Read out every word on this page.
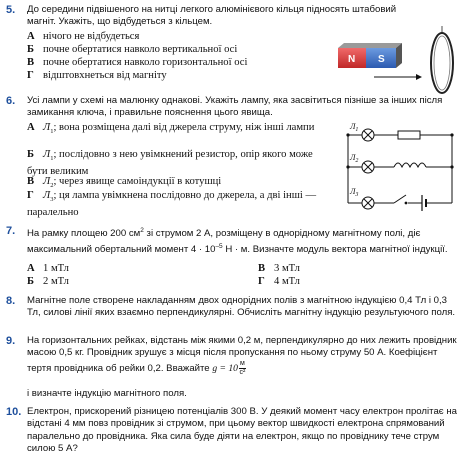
5. До середини підвішеного на нитці легкого алюмінієвого кільця підносять штабовий магніт. Укажіть, що відбудеться з кільцем.
А нічого не відбудеться
Б почне обертатися навколо вертикальної осі
В почне обертатися навколо горизонтальної осі
Г відштовхнеться від магніту
N S
6. Усі лампи у схемі на малюнку однакові. Укажіть лампу, яка засвітиться пізніше за інших після замикання ключа, і правильне пояснення цього явища.
А $Л_1$; вона розміщена далі від джерела струму, ніж інші лампи
Б $Л_1$; послідовно з нею увімкнений резистор, опір якого може бути великим
В $Л_2$; через явище самоіндукції в котушці
Г $Л_3$; ця лампа увімкнена послідовно до джерела, а дві інші — паралельно
$Л_1$
$Л_2$
$Л_3$
7. На рамку площею 200 $см^2$ зі струмом 2 А, розміщену в однорідному магнітному полі, діє максимальний обертальний момент $4 \cdot 10^{-5}$ Н · м. Визначте модуль вектора магнітної індукції.
А 1 мТл
Б 2 мТл
В 3 мТл
Г 4 мТл
8. Магнітне поле створене накладанням двох однорідних полів з магнітною індукцією 0,4 Тл і 0,3 Тл, силові лінії яких взаємно перпендикулярні. Обчисліть магнітну індукцію результуючого поля.
9. На горизонтальних рейках, відстань між якими 0,2 м, перпендикулярно до них лежить провідник масою 0,5 кг. Провідник зрушує з місця після пропускання по ньому струму 50 А. Коефіцієнт тертя провідника об рейки 0,2. Вважайте $g = 10 \frac{м}{\text{с²}}$
і визначте індукцію магнітного поля.
10. Електрон, прискорений різницею потенціалів 300 В. У деякий момент часу електрон пролітає на відстані 4 мм повз провідник зі струмом, при цьому вектор швидкості електрона спрямований паралельно до провідника. Яка сила буде діяти на електрон, якщо по провіднику тече струм силою 5 А?
